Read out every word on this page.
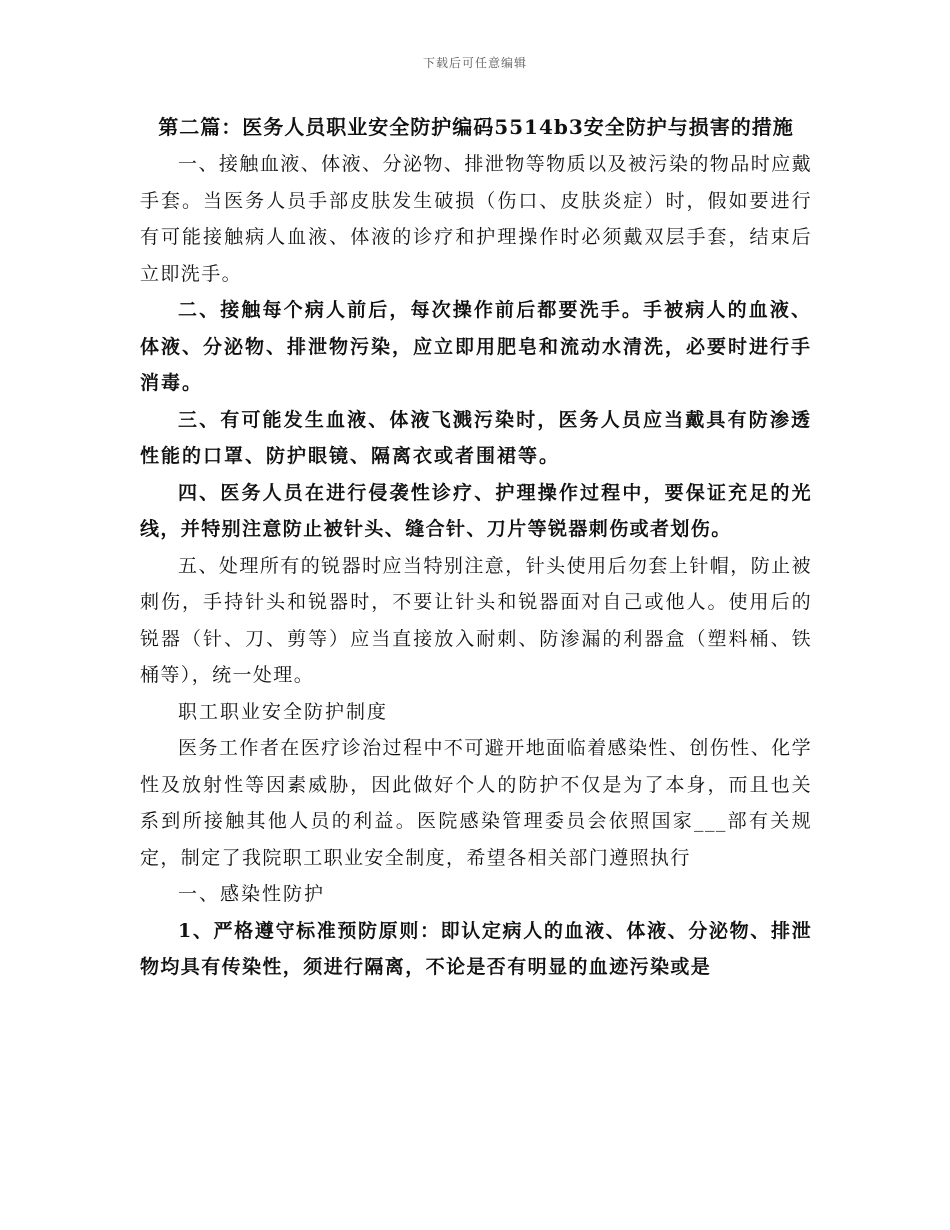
下载后可任意编辑

第二篇：医务人员职业安全防护编码5514b3安全防护与损害的措施

一、接触血液、体液、分泌物、排泄物等物质以及被污染的物品时应戴手套。当医务人员手部皮肤发生破损（伤口、皮肤炎症）时，假如要进行有可能接触病人血液、体液的诊疗和护理操作时必须戴双层手套，结束后立即洗手。

二、接触每个病人前后，每次操作前后都要洗手。手被病人的血液、体液、分泌物、排泄物污染，应立即用肥皂和流动水清洗，必要时进行手消毒。

三、有可能发生血液、体液飞溅污染时，医务人员应当戴具有防渗透性能的口罩、防护眼镜、隔离衣或者围裙等。

四、医务人员在进行侵袭性诊疗、护理操作过程中，要保证充足的光线，并特别注意防止被针头、缝合针、刀片等锐器刺伤或者划伤。

五、处理所有的锐器时应当特别注意，针头使用后勿套上针帽，防止被刺伤，手持针头和锐器时，不要让针头和锐器面对自己或他人。使用后的锐器（针、刀、剪等）应当直接放入耐刺、防渗漏的利器盒（塑料桶、铁桶等），统一处理。

职工职业安全防护制度

医务工作者在医疗诊治过程中不可避开地面临着感染性、创伤性、化学性及放射性等因素威胁，因此做好个人的防护不仅是为了本身，而且也关系到所接触其他人员的利益。医院感染管理委员会依照国家___部有关规定，制定了我院职工职业安全制度，希望各相关部门遵照执行

一、感染性防护

1、严格遵守标准预防原则：即认定病人的血液、体液、分泌物、排泄物均具有传染性，须进行隔离，不论是否有明显的血迹污染或是
